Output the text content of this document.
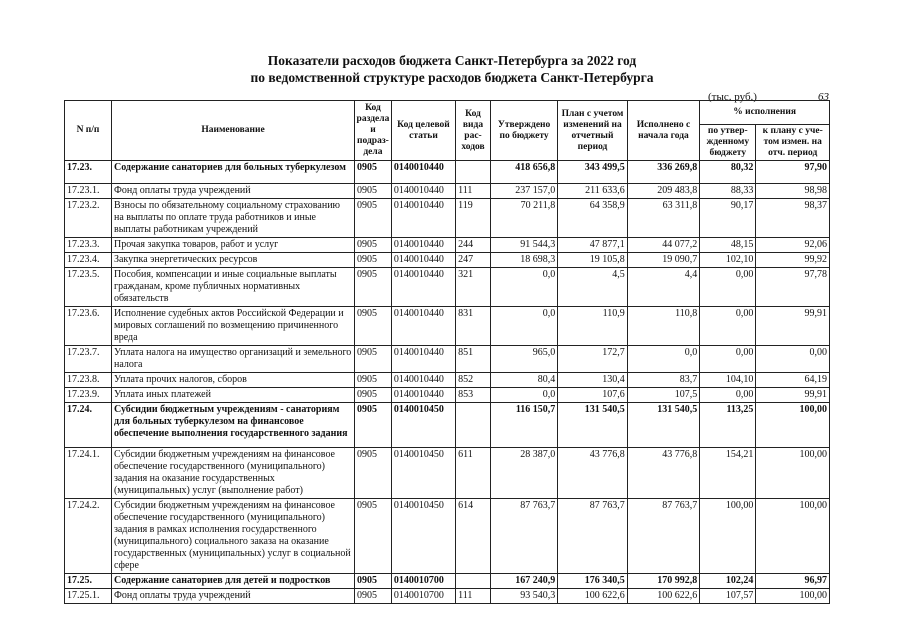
Показатели расходов бюджета Санкт-Петербурга за 2022 год
по ведомственной структуре расходов бюджета Санкт-Петербурга
(тыс. руб.)	63
N п/п	Наименование	Код раздела и подраз-дела	Код целевой статьи	Код вида рас-ходов	Утверждено по бюджету	План с учетом изменений на отчетный период	Исполнено с начала года	% исполнения	
								по утвер-жденному бюджету	к плану с уче-том измен. на отч. период
17.23.	Содержание санаториев для больных туберкулезом	0905	0140010440		418 656,8	343 499,5	336 269,8	80,32	97,90
17.23.1.	Фонд оплаты труда учреждений	0905	0140010440	111	237 157,0	211 633,6	209 483,8	88,33	98,98
17.23.2.	Взносы по обязательному социальному страхованию на выплаты по оплате труда работников и иные выплаты работникам учреждений	0905	0140010440	119	70 211,8	64 358,9	63 311,8	90,17	98,37
17.23.3.	Прочая закупка товаров, работ и услуг	0905	0140010440	244	91 544,3	47 877,1	44 077,2	48,15	92,06
17.23.4.	Закупка энергетических ресурсов	0905	0140010440	247	18 698,3	19 105,8	19 090,7	102,10	99,92
17.23.5.	Пособия, компенсации и иные социальные выплаты гражданам, кроме публичных нормативных обязательств	0905	0140010440	321	0,0	4,5	4,4	0,00	97,78
17.23.6.	Исполнение судебных актов Российской Федерации и мировых соглашений по возмещению причиненного вреда	0905	0140010440	831	0,0	110,9	110,8	0,00	99,91
17.23.7.	Уплата налога на имущество организаций и земельного налога	0905	0140010440	851	965,0	172,7	0,0	0,00	0,00
17.23.8.	Уплата прочих налогов, сборов	0905	0140010440	852	80,4	130,4	83,7	104,10	64,19
17.23.9.	Уплата иных платежей	0905	0140010440	853	0,0	107,6	107,5	0,00	99,91
17.24.	Субсидии бюджетным учреждениям - санаториям для больных туберкулезом на финансовое обеспечение выполнения государственного задания	0905	0140010450		116 150,7	131 540,5	131 540,5	113,25	100,00
17.24.1.	Субсидии бюджетным учреждениям на финансовое обеспечение государственного (муниципального) задания на оказание государственных (муниципальных) услуг (выполнение работ)	0905	0140010450	611	28 387,0	43 776,8	43 776,8	154,21	100,00
17.24.2.	Субсидии бюджетным учреждениям на финансовое обеспечение государственного (муниципального) задания в рамках исполнения государственного (муниципального) социального заказа на оказание государственных (муниципальных) услуг в социальной сфере	0905	0140010450	614	87 763,7	87 763,7	87 763,7	100,00	100,00
17.25.	Содержание санаториев для детей и подростков	0905	0140010700		167 240,9	176 340,5	170 992,8	102,24	96,97
17.25.1.	Фонд оплаты труда учреждений	0905	0140010700	111	93 540,3	100 622,6	100 622,6	107,57	100,00
